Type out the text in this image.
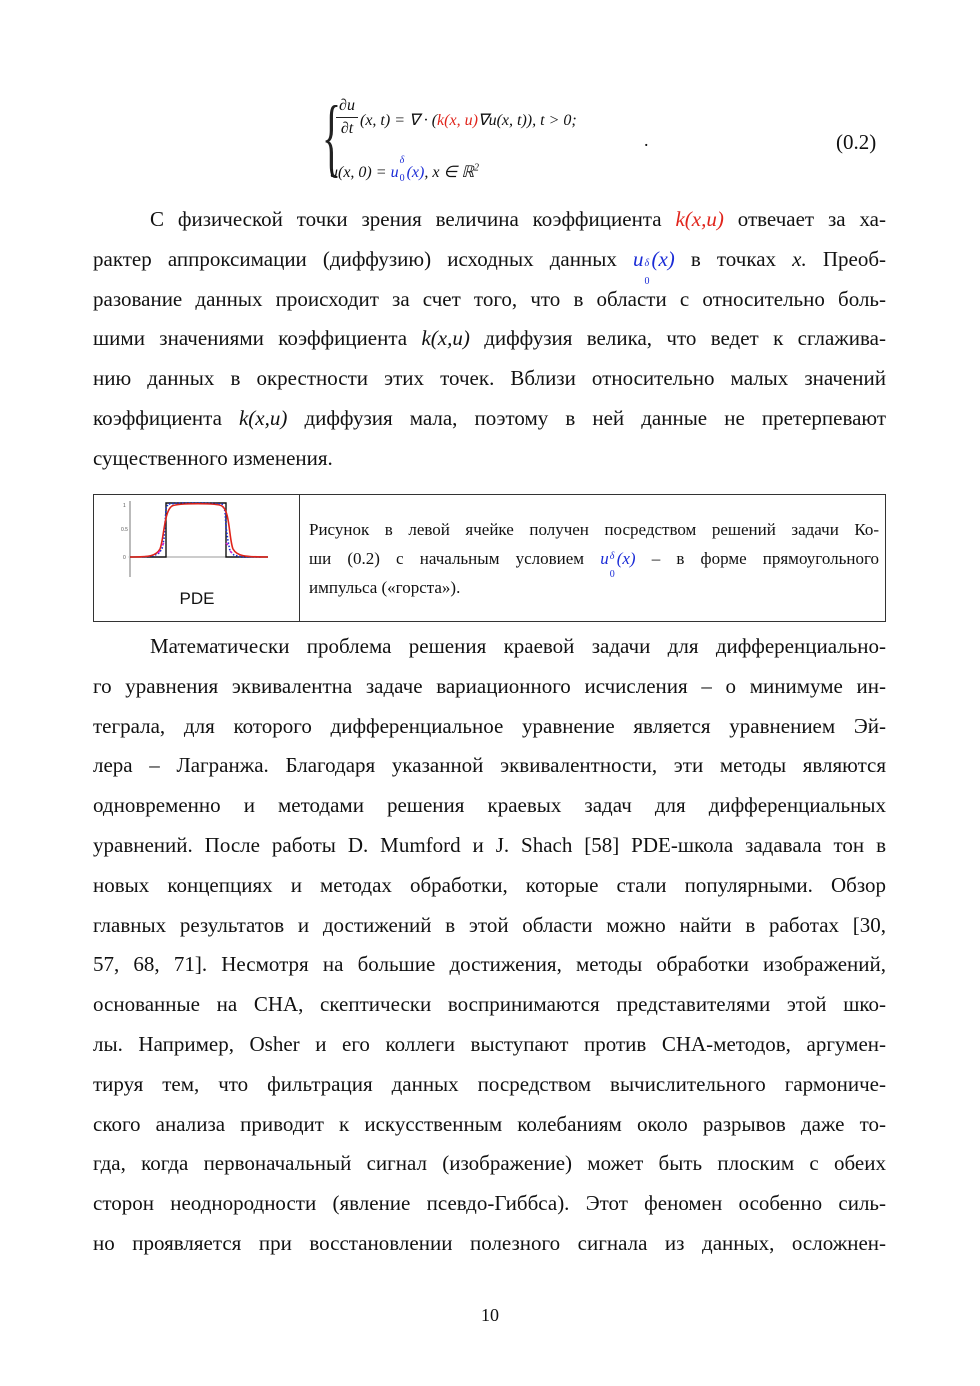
{
∂u
∂t (x, t) = ∇ · (k(x, u)∇u(x, t)), t > 0;
u(x, 0) = u
δ
0 (x), x ∈ ℝ$^2$
.	(0.2)
С физической точки зрения величина коэффициента k(x,u) отвечает за ха-
рактер аппроксимации (диффузию) исходных данных u δ
0
(x) в точках x. Преоб-
разование данных происходит за счет того, что в области с относительно боль-
шими значениями коэффициента k(x,u) диффузия велика, что ведет к сглажива-
нию данных в окрестности этих точек. Вблизи относительно малых значений
коэффициента k(x,u) диффузия мала, поэтому в ней данные не претерпевают
существенного изменения.
1
0.5
0
PDE
Рисунок в левой ячейке получен посредством решений задачи Ко-
ши (0.2) с начальным условием u δ
0
(x) – в форме прямоугольного
импульса («горста»).
Математически проблема решения краевой задачи для дифференциально-
го уравнения эквивалентна задаче вариационного исчисления – о минимуме ин-
теграла, для которого дифференциальное уравнение является уравнением Эй-
лера – Лагранжа. Благодаря указанной эквивалентности, эти методы являются
одновременно и методами решения краевых задач для дифференциальных
уравнений. После работы D. Mumford и J. Shach [58] PDE-школа задавала тон в
новых концепциях и методах обработки, которые стали популярными. Обзор
главных результатов и достижений в этой области можно найти в работах [30,
57, 68, 71]. Несмотря на большие достижения, методы обработки изображений,
основанные на CHA, скептически воспринимаются представителями этой шко-
лы. Например, Osher и его коллеги выступают против CHA-методов, аргумен-
тируя тем, что фильтрация данных посредством вычислительного гармониче-
ского анализа приводит к искусственным колебаниям около разрывов даже то-
гда, когда первоначальный сигнал (изображение) может быть плоским с обеих
сторон неоднородности (явление псевдо-Гиббса). Этот феномен особенно силь-
но проявляется при восстановлении полезного сигнала из данных, осложнен-
10
